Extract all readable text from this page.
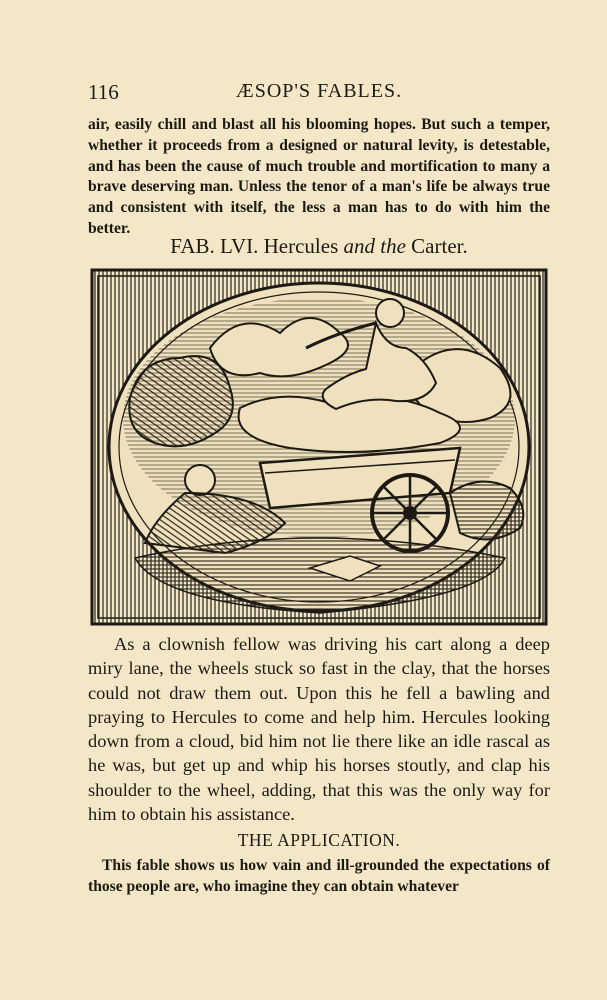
116	ÆSOP'S FABLES.

air, easily chill and blast all his blooming hopes. But such a temper, whether it proceeds from a designed or natural levity, is detestable, and has been the cause of much trouble and mortification to many a brave deserving man. Unless the tenor of a man's life be always true and consistent with itself, the less a man has to do with him the better.

FAB. LVI. Hercules and the Carter.

As a clownish fellow was driving his cart along a deep miry lane, the wheels stuck so fast in the clay, that the horses could not draw them out. Upon this he fell a bawling and praying to Hercules to come and help him. Hercules looking down from a cloud, bid him not lie there like an idle rascal as he was, but get up and whip his horses stoutly, and clap his shoulder to the wheel, adding, that this was the only way for him to obtain his assistance.

THE APPLICATION.

This fable shows us how vain and ill-grounded the expectations of those people are, who imagine they can obtain whatever
